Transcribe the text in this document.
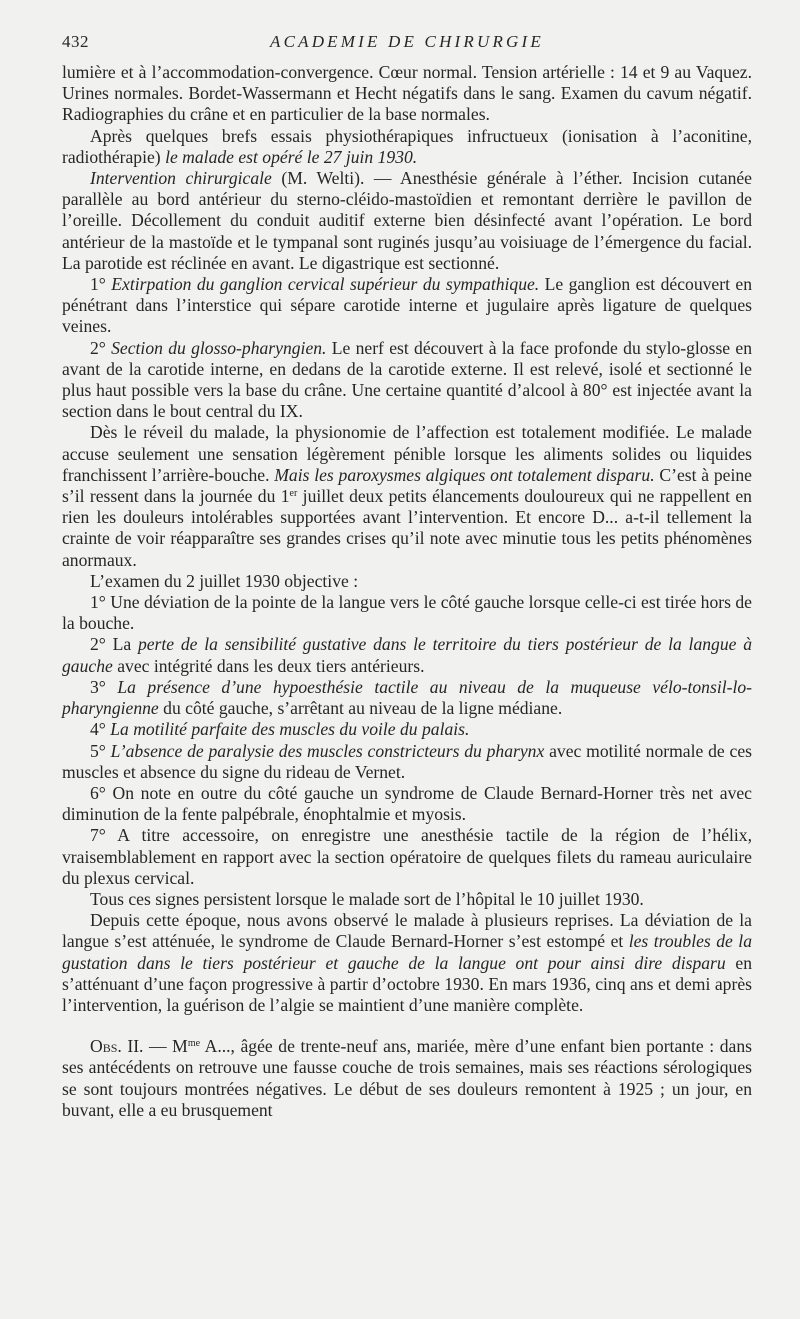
432	ACADEMIE DE CHIRURGIE

lumière et à l’accommodation-convergence. Cœur normal. Tension artérielle : 14 et 9 au Vaquez. Urines normales. Bordet-Wassermann et Hecht négatifs dans le sang. Examen du cavum négatif. Radiographies du crâne et en particulier de la base normales.

Après quelques brefs essais physiothérapiques infructueux (ionisation à l’aconitine, radiothérapie) le malade est opéré le 27 juin 1930.

Intervention chirurgicale (M. Welti). — Anesthésie générale à l’éther. Incision cutanée parallèle au bord antérieur du sterno-cléido-mastoïdien et remontant derrière le pavillon de l’oreille. Décollement du conduit auditif externe bien désinfecté avant l’opération. Le bord antérieur de la mastoïde et le tympanal sont ruginés jusqu’au voisiuage de l’émergence du facial. La parotide est réclinée en avant. Le digastrique est sectionné.

1° Extirpation du ganglion cervical supérieur du sympathique. Le ganglion est découvert en pénétrant dans l’interstice qui sépare carotide interne et jugulaire après ligature de quelques veines.

2° Section du glosso-pharyngien. Le nerf est découvert à la face profonde du stylo-glosse en avant de la carotide interne, en dedans de la carotide externe. Il est relevé, isolé et sectionné le plus haut possible vers la base du crâne. Une certaine quantité d’alcool à 80° est injectée avant la section dans le bout central du IX.

Dès le réveil du malade, la physionomie de l’affection est totalement modifiée. Le malade accuse seulement une sensation légèrement pénible lorsque les aliments solides ou liquides franchissent l’arrière-bouche. Mais les paroxysmes algiques ont totalement disparu. C’est à peine s’il ressent dans la journée du 1er juillet deux petits élancements douloureux qui ne rappellent en rien les douleurs intolérables supportées avant l’intervention. Et encore D... a-t-il tellement la crainte de voir réapparaître ses grandes crises qu’il note avec minutie tous les petits phénomènes anormaux.

L’examen du 2 juillet 1930 objective :

1° Une déviation de la pointe de la langue vers le côté gauche lorsque celle-ci est tirée hors de la bouche.

2° La perte de la sensibilité gustative dans le territoire du tiers postérieur de la langue à gauche avec intégrité dans les deux tiers antérieurs.

3° La présence d’une hypoesthésie tactile au niveau de la muqueuse vélo-tonsil-lo-pharyngienne du côté gauche, s’arrêtant au niveau de la ligne médiane.

4° La motilité parfaite des muscles du voile du palais.

5° L’absence de paralysie des muscles constricteurs du pharynx avec motilité normale de ces muscles et absence du signe du rideau de Vernet.

6° On note en outre du côté gauche un syndrome de Claude Bernard-Horner très net avec diminution de la fente palpébrale, énophtalmie et myosis.

7° A titre accessoire, on enregistre une anesthésie tactile de la région de l’hélix, vraisemblablement en rapport avec la section opératoire de quelques filets du rameau auriculaire du plexus cervical.

Tous ces signes persistent lorsque le malade sort de l’hôpital le 10 juillet 1930.

Depuis cette époque, nous avons observé le malade à plusieurs reprises. La déviation de la langue s’est atténuée, le syndrome de Claude Bernard-Horner s’est estompé et les troubles de la gustation dans le tiers postérieur et gauche de la langue ont pour ainsi dire disparu en s’atténuant d’une façon progressive à partir d’octobre 1930. En mars 1936, cinq ans et demi après l’intervention, la guérison de l’algie se maintient d’une manière complète.

Obs. II. — $M^{me}$ A..., âgée de trente-neuf ans, mariée, mère d’une enfant bien portante : dans ses antécédents on retrouve une fausse couche de trois semaines, mais ses réactions sérologiques se sont toujours montrées négatives. Le début de ses douleurs remontent à 1925 ; un jour, en buvant, elle a eu brusquement
